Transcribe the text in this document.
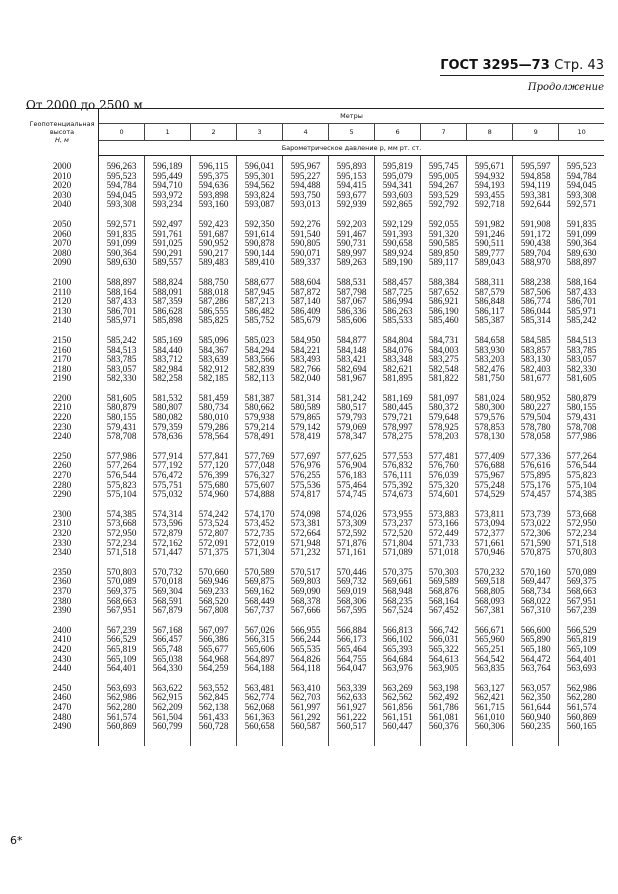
ГОСТ 3295—73 Стр. 43
Продолжение
От 2000 до 2500 м
Геопотенциальная
высота
H, м	Метры										
	0	1	2	3	4	5	6	7	8	9	10
	Барометрическое давление p, мм рт. ст.										
2000	596,263	596,189	596,115	596,041	595,967	595,893	595,819	595,745	595,671	595,597	595,523
2010	595,523	595,449	595,375	595,301	595,227	595,153	595,079	595,005	594,932	594,858	594,784
2020	594,784	594,710	594,636	594,562	594,488	594,415	594,341	594,267	594,193	594,119	594,045
2030	594,045	593,972	593,898	593,824	593,750	593,677	593,603	593,529	593,455	593,381	593,308
2040	593,308	593,234	593,160	593,087	593,013	592,939	592,865	592,792	592,718	592,644	592,571
2050	592,571	592,497	592,423	592,350	592,276	592,203	592,129	592,055	591,982	591,908	591,835
2060	591,835	591,761	591,687	591,614	591,540	591,467	591,393	591,320	591,246	591,172	591,099
2070	591,099	591,025	590,952	590,878	590,805	590,731	590,658	590,585	590,511	590,438	590,364
2080	590,364	590,291	590,217	590,144	590,071	589,997	589,924	589,850	589,777	589,704	589,630
2090	589,630	589,557	589,483	589,410	589,337	589,263	589,190	589,117	589,043	588,970	588,897
2100	588,897	588,824	588,750	588,677	588,604	588,531	588,457	588,384	588,311	588,238	588,164
2110	588,164	588,091	588,018	587,945	587,872	587,798	587,725	587,652	587,579	587,506	587,433
2120	587,433	587,359	587,286	587,213	587,140	587,067	586,994	586,921	586,848	586,774	586,701
2130	586,701	586,628	586,555	586,482	586,409	586,336	586,263	586,190	586,117	586,044	585,971
2140	585,971	585,898	585,825	585,752	585,679	585,606	585,533	585,460	585,387	585,314	585,242
2150	585,242	585,169	585,096	585,023	584,950	584,877	584,804	584,731	584,658	584,585	584,513
2160	584,513	584,440	584,367	584,294	584,221	584,148	584,076	584,003	583,930	583,857	583,785
2170	583,785	583,712	583,639	583,566	583,493	583,421	583,348	583,275	583,203	583,130	583,057
2180	583,057	582,984	582,912	582,839	582,766	582,694	582,621	582,548	582,476	582,403	582,330
2190	582,330	582,258	582,185	582,113	582,040	581,967	581,895	581,822	581,750	581,677	581,605
2200	581,605	581,532	581,459	581,387	581,314	581,242	581,169	581,097	581,024	580,952	580,879
2210	580,879	580,807	580,734	580,662	580,589	580,517	580,445	580,372	580,300	580,227	580,155
2220	580,155	580,082	580,010	579,938	579,865	579,793	579,721	579,648	579,576	579,504	579,431
2230	579,431	579,359	579,286	579,214	579,142	579,069	578,997	578,925	578,853	578,780	578,708
2240	578,708	578,636	578,564	578,491	578,419	578,347	578,275	578,203	578,130	578,058	577,986
2250	577,986	577,914	577,841	577,769	577,697	577,625	577,553	577,481	577,409	577,336	577,264
2260	577,264	577,192	577,120	577,048	576,976	576,904	576,832	576,760	576,688	576,616	576,544
2270	576,544	576,472	576,399	576,327	576,255	576,183	576,111	576,039	575,967	575,895	575,823
2280	575,823	575,751	575,680	575,607	575,536	575,464	575,392	575,320	575,248	575,176	575,104
2290	575,104	575,032	574,960	574,888	574,817	574,745	574,673	574,601	574,529	574,457	574,385
2300	574,385	574,314	574,242	574,170	574,098	574,026	573,955	573,883	573,811	573,739	573,668
2310	573,668	573,596	573,524	573,452	573,381	573,309	573,237	573,166	573,094	573,022	572,950
2320	572,950	572,879	572,807	572,735	572,664	572,592	572,520	572,449	572,377	572,306	572,234
2330	572,234	572,162	572,091	572,019	571,948	571,876	571,804	571,733	571,661	571,590	571,518
2340	571,518	571,447	571,375	571,304	571,232	571,161	571,089	571,018	570,946	570,875	570,803
2350	570,803	570,732	570,660	570,589	570,517	570,446	570,375	570,303	570,232	570,160	570,089
2360	570,089	570,018	569,946	569,875	569,803	569,732	569,661	569,589	569,518	569,447	569,375
2370	569,375	569,304	569,233	569,162	569,090	569,019	568,948	568,876	568,805	568,734	568,663
2380	568,663	568,591	568,520	568,449	568,378	568,306	568,235	568,164	568,093	568,022	567,951
2390	567,951	567,879	567,808	567,737	567,666	567,595	567,524	567,452	567,381	567,310	567,239
2400	567,239	567,168	567,097	567,026	566,955	566,884	566,813	566,742	566,671	566,600	566,529
2410	566,529	566,457	566,386	566,315	566,244	566,173	566,102	566,031	565,960	565,890	565,819
2420	565,819	565,748	565,677	565,606	565,535	565,464	565,393	565,322	565,251	565,180	565,109
2430	565,109	565,038	564,968	564,897	564,826	564,755	564,684	564,613	564,542	564,472	564,401
2440	564,401	564,330	564,259	564,188	564,118	564,047	563,976	563,905	563,835	563,764	563,693
2450	563,693	563,622	563,552	563,481	563,410	563,339	563,269	563,198	563,127	563,057	562,986
2460	562,986	562,915	562,845	562,774	562,703	562,633	562,562	562,492	562,421	562,350	562,280
2470	562,280	562,209	562,138	562,068	561,997	561,927	561,856	561,786	561,715	561,644	561,574
2480	561,574	561,504	561,433	561,363	561,292	561,222	561,151	561,081	561,010	560,940	560,869
2490	560,869	560,799	560,728	560,658	560,587	560,517	560,447	560,376	560,306	560,235	560,165

6*
